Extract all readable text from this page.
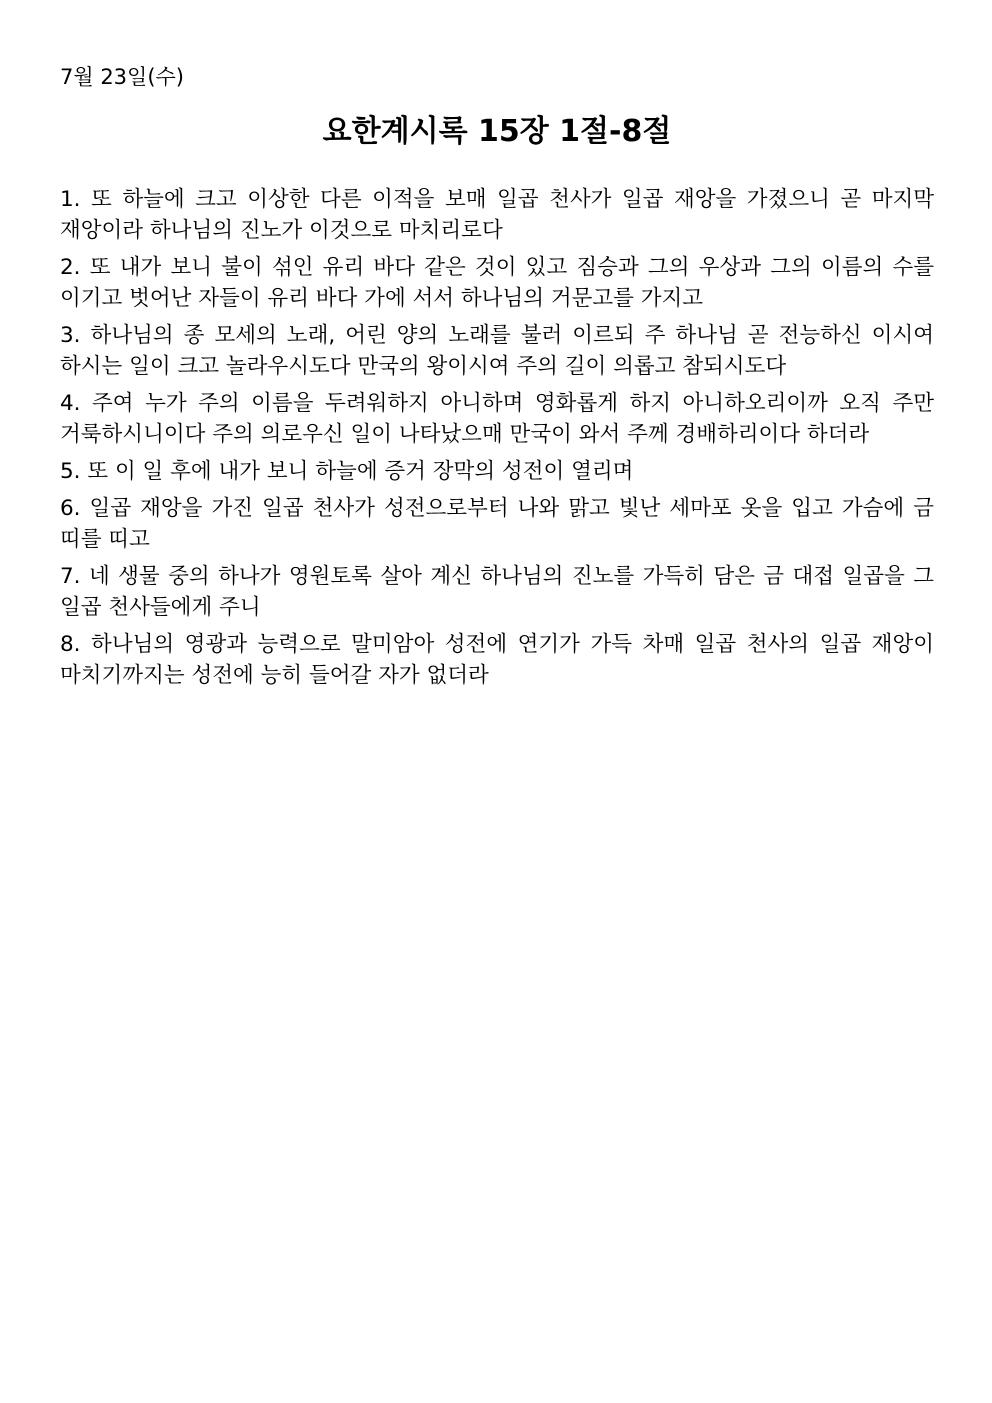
7월 23일(수)

요한계시록 15장 1절-8절
1. 또 하늘에 크고 이상한 다른 이적을 보매 일곱 천사가 일곱 재앙을 가졌으니 곧 마지막 재앙이라 하나님의 진노가 이것으로 마치리로다
2. 또 내가 보니 불이 섞인 유리 바다 같은 것이 있고 짐승과 그의 우상과 그의 이름의 수를 이기고 벗어난 자들이 유리 바다 가에 서서 하나님의 거문고를 가지고
3. 하나님의 종 모세의 노래, 어린 양의 노래를 불러 이르되 주 하나님 곧 전능하신 이시여 하시는 일이 크고 놀라우시도다 만국의 왕이시여 주의 길이 의롭고 참되시도다
4. 주여 누가 주의 이름을 두려워하지 아니하며 영화롭게 하지 아니하오리이까 오직 주만 거룩하시니이다 주의 의로우신 일이 나타났으매 만국이 와서 주께 경배하리이다 하더라
5. 또 이 일 후에 내가 보니 하늘에 증거 장막의 성전이 열리며
6. 일곱 재앙을 가진 일곱 천사가 성전으로부터 나와 맑고 빛난 세마포 옷을 입고 가슴에 금 띠를 띠고
7. 네 생물 중의 하나가 영원토록 살아 계신 하나님의 진노를 가득히 담은 금 대접 일곱을 그 일곱 천사들에게 주니
8. 하나님의 영광과 능력으로 말미암아 성전에 연기가 가득 차매 일곱 천사의 일곱 재앙이 마치기까지는 성전에 능히 들어갈 자가 없더라
